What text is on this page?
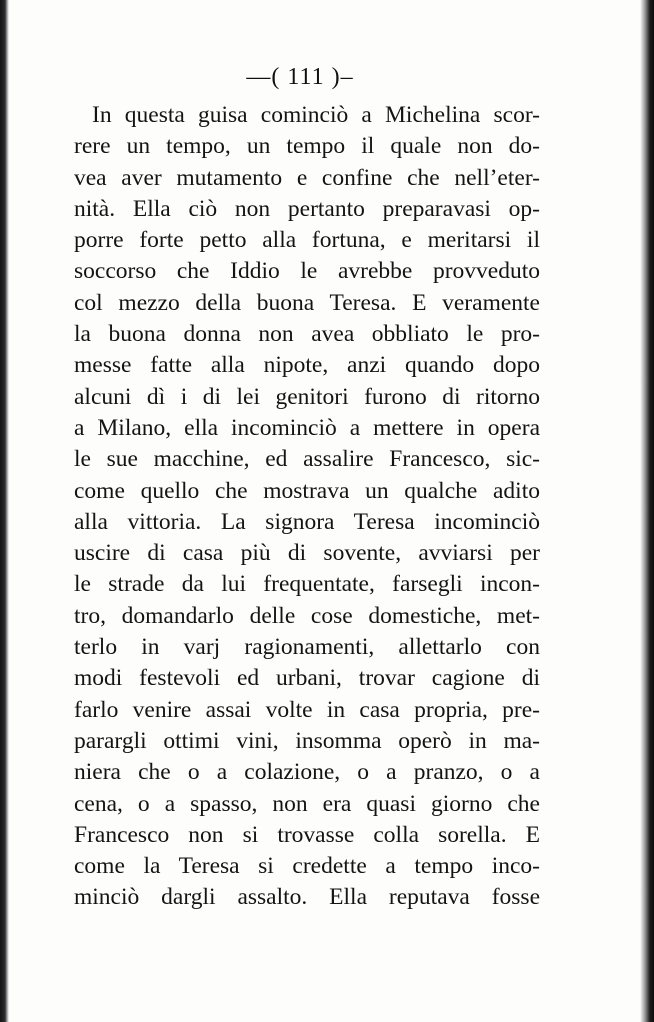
—( 111 )–
In questa guisa cominciò a Michelina scor-
rere un tempo, un tempo il quale non do-
vea aver mutamento e confine che nell’eter-
nità. Ella ciò non pertanto preparavasi op-
porre forte petto alla fortuna, e meritarsi il
soccorso che Iddio le avrebbe provveduto
col mezzo della buona Teresa. E veramente
la buona donna non avea obbliato le pro-
messe fatte alla nipote, anzi quando dopo
alcuni dì i di lei genitori furono di ritorno
a Milano, ella incominciò a mettere in opera
le sue macchine, ed assalire Francesco, sic-
come quello che mostrava un qualche adito
alla vittoria. La signora Teresa incominciò
uscire di casa più di sovente, avviarsi per
le strade da lui frequentate, farsegli incon-
tro, domandarlo delle cose domestiche, met-
terlo in varj ragionamenti, allettarlo con
modi festevoli ed urbani, trovar cagione di
farlo venire assai volte in casa propria, pre-
parargli ottimi vini, insomma operò in ma-
niera che o a colazione, o a pranzo, o a
cena, o a spasso, non era quasi giorno che
Francesco non si trovasse colla sorella. E
come la Teresa si credette a tempo inco-
minciò dargli assalto. Ella reputava fosse
